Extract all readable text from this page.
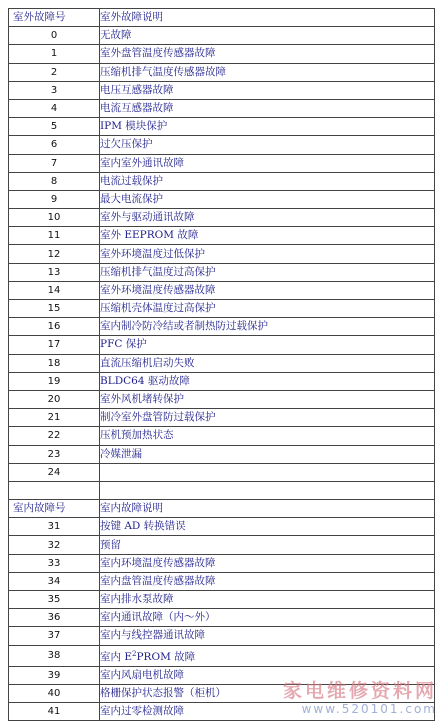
室外故障号	室外故障说明
0	无故障
1	室外盘管温度传感器故障
2	压缩机排气温度传感器故障
3	电压互感器故障
4	电流互感器故障
5	IPM 模块保护
6	过欠压保护
7	室内室外通讯故障
8	电流过载保护
9	最大电流保护
10	室外与驱动通讯故障
11	室外 EEPROM 故障
12	室外环境温度过低保护
13	压缩机排气温度过高保护
14	室外环境温度传感器故障
15	压缩机壳体温度过高保护
16	室内制冷防冷结或者制热防过载保护
17	PFC 保护
18	直流压缩机启动失败
19	BLDC64 驱动故障
20	室外风机堵转保护
21	制冷室外盘管防过载保护
22	压机预加热状态
23	冷媒泄漏
24	

室内故障号	室内故障说明
31	按键 AD 转换错误
32	预留
33	室内环境温度传感器故障
34	室内盘管温度传感器故障
35	室内排水泵故障
36	室内通讯故障（内～外）
37	室内与线控器通讯故障
38	室内 $E^2PROM$ 故障
39	室内风扇电机故障
40	格栅保护状态报警（柜机）
41	室内过零检测故障
家电维修资料网
www.520101.com
